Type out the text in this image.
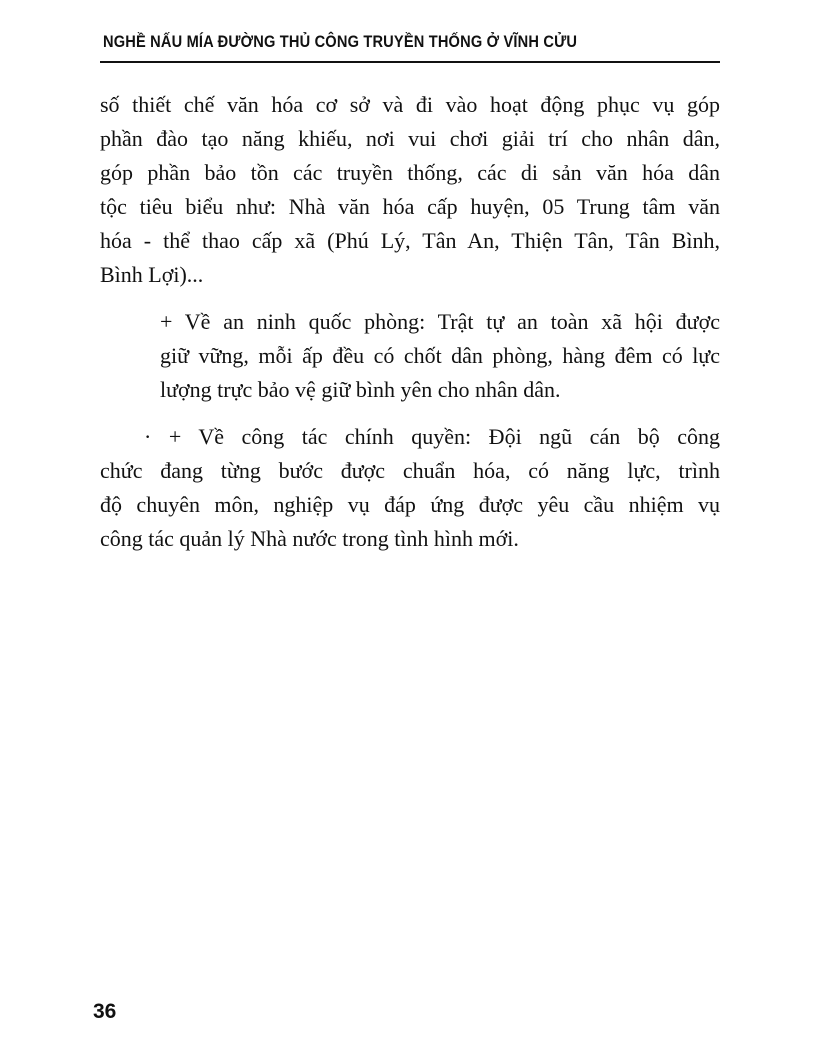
NGHỀ NẤU MÍA ĐƯỜNG THỦ CÔNG TRUYỀN THỐNG Ở VĨNH CỬU

số thiết chế văn hóa cơ sở và đi vào hoạt động phục vụ góp
phần đào tạo năng khiếu, nơi vui chơi giải trí cho nhân dân,
góp phần bảo tồn các truyền thống, các di sản văn hóa dân
tộc tiêu biểu như: Nhà văn hóa cấp huyện, 05 Trung tâm văn
hóa - thể thao cấp xã (Phú Lý, Tân An, Thiện Tân, Tân Bình,
Bình Lợi)...

+ Về an ninh quốc phòng: Trật tự an toàn xã hội được
giữ vững, mỗi ấp đều có chốt dân phòng, hàng đêm có lực
lượng trực bảo vệ giữ bình yên cho nhân dân.

· + Về công tác chính quyền: Đội ngũ cán bộ công
chức đang từng bước được chuẩn hóa, có năng lực, trình
độ chuyên môn, nghiệp vụ đáp ứng được yêu cầu nhiệm vụ
công tác quản lý Nhà nước trong tình hình mới.

36
